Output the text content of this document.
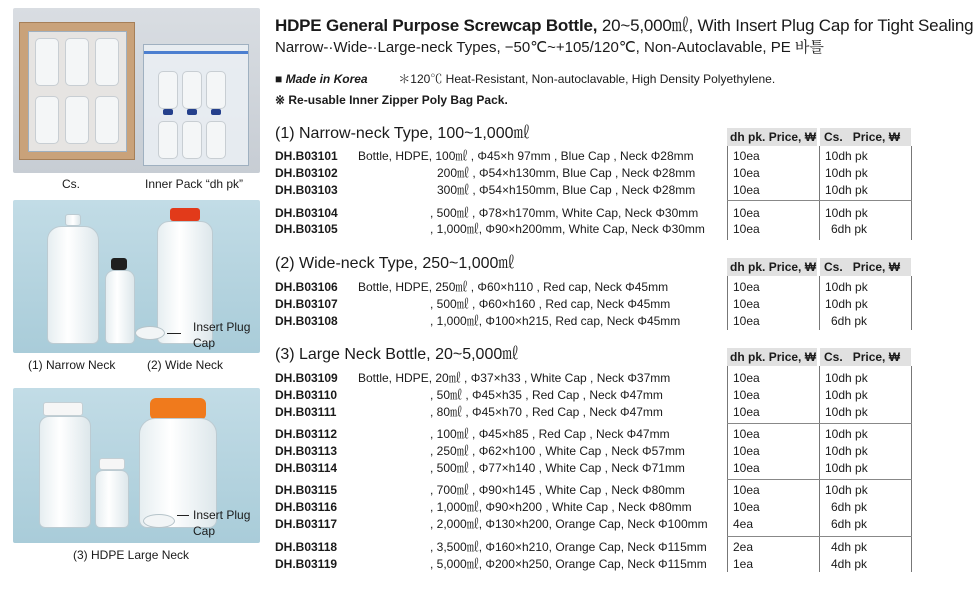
Cs.	Inner Pack “dh pk”
Insert Plug
Cap
(1) Narrow Neck	(2) Wide Neck
Insert Plug
Cap
(3) HDPE Large Neck
HDPE General Purpose Screwcap Bottle, 20~5,000㎖, With Insert Plug Cap for Tight Sealing
Narrow-·Wide-·Large-neck Types, −50℃~+105/120℃, Non-Autoclavable, PE 바틀
■ Made in Korea	＊120℃ Heat-Resistant, Non-autoclavable, High Density Polyethylene.
※ Re-usable Inner Zipper Poly Bag Pack.
(1) Narrow-neck Type, 100~1,000㎖	dh pk. Price, ₩ Cs. Price, ₩
DH.B03101 Bottle, HDPE, 100㎖ , Φ45×h 97mm , Blue Cap , Neck Φ28mm	10ea	10dh pk
DH.B03102	200㎖ , Φ54×h130mm, Blue Cap , Neck Φ28mm	10ea	10dh pk
DH.B03103	300㎖ , Φ54×h150mm, Blue Cap , Neck Φ28mm	10ea	10dh pk
DH.B03104	, 500㎖ , Φ78×h170mm, White Cap, Neck Φ30mm	10ea	10dh pk
DH.B03105	, 1,000㎖, Φ90×h200mm, White Cap, Neck Φ30mm 10ea	6dh pk
(2) Wide-neck Type, 250~1,000㎖	dh pk. Price, ₩ Cs. Price, ₩
DH.B03106 Bottle, HDPE, 250㎖ , Φ60×h110 , Red cap, Neck Φ45mm	10ea	10dh pk
DH.B03107	, 500㎖ , Φ60×h160 , Red cap, Neck Φ45mm	10ea	10dh pk
DH.B03108	, 1,000㎖, Φ100×h215, Red cap, Neck Φ45mm	10ea	6dh pk
(3) Large Neck Bottle, 20~5,000㎖	dh pk. Price, ₩ Cs. Price, ₩
DH.B03109 Bottle, HDPE, 20㎖ , Φ37×h33 , White Cap , Neck Φ37mm	10ea	10dh pk
DH.B03110	, 50㎖ , Φ45×h35 , Red Cap , Neck Φ47mm	10ea	10dh pk
DH.B03111	, 80㎖ , Φ45×h70 , Red Cap , Neck Φ47mm	10ea	10dh pk
DH.B03112	, 100㎖ , Φ45×h85 , Red Cap , Neck Φ47mm	10ea	10dh pk
DH.B03113	, 250㎖ , Φ62×h100 , White Cap , Neck Φ57mm	10ea	10dh pk
DH.B03114	, 500㎖ , Φ77×h140 , White Cap , Neck Φ71mm	10ea	10dh pk
DH.B03115	, 700㎖ , Φ90×h145 , White Cap , Neck Φ80mm	10ea	10dh pk
DH.B03116	, 1,000㎖, Φ90×h200 , White Cap , Neck Φ80mm	10ea	6dh pk
DH.B03117	, 2,000㎖, Φ130×h200, Orange Cap, Neck Φ100mm 4ea	6dh pk
DH.B03118	, 3,500㎖, Φ160×h210, Orange Cap, Neck Φ115mm 2ea	4dh pk
DH.B03119	, 5,000㎖, Φ200×h250, Orange Cap, Neck Φ115mm 1ea	4dh pk
